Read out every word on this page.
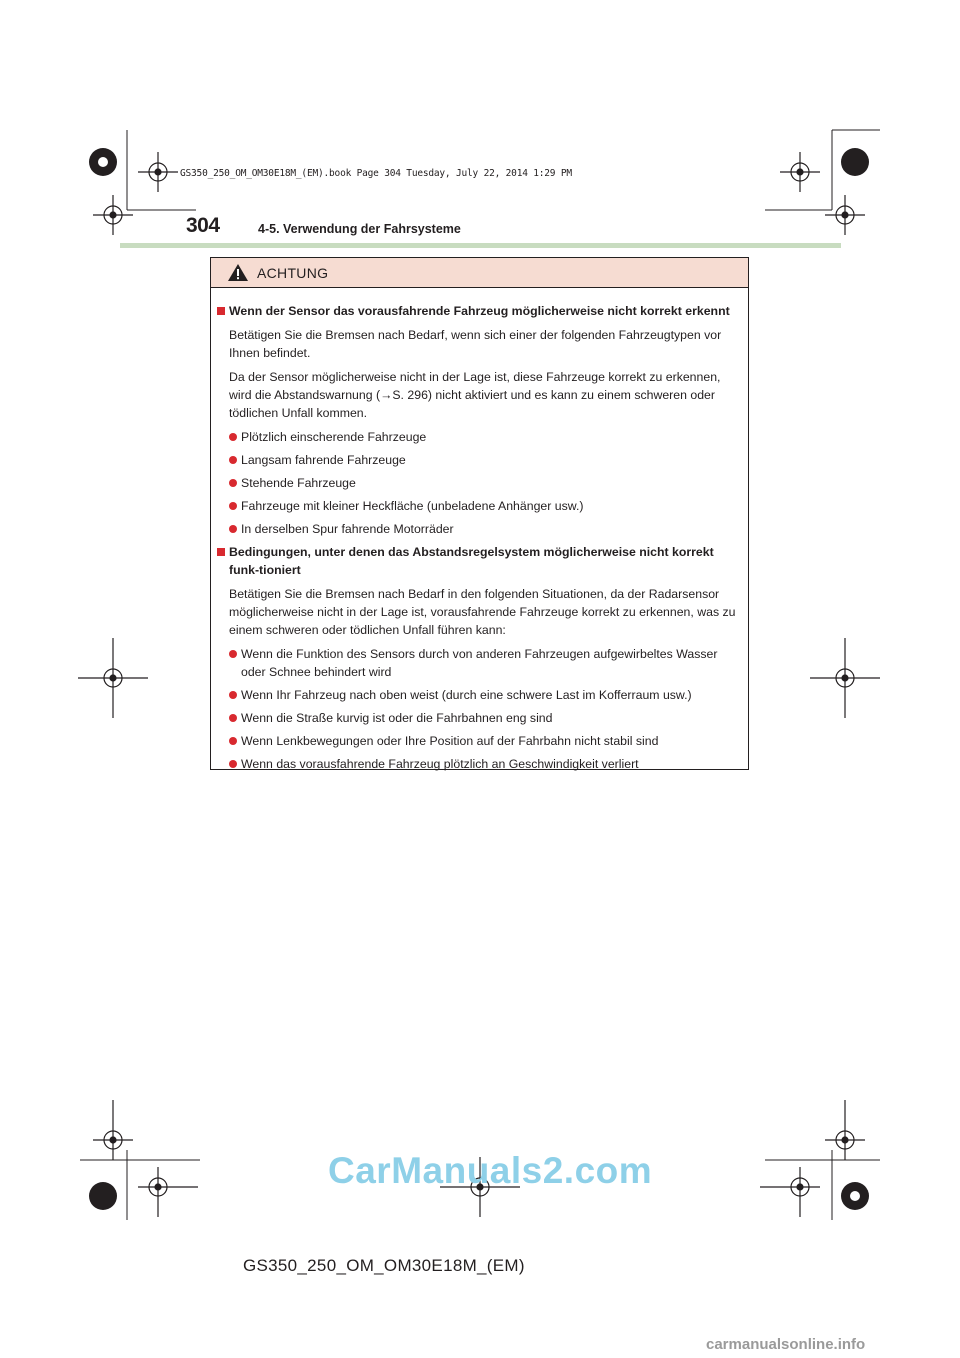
GS350_250_OM_OM30E18M_(EM).book Page 304 Tuesday, July 22, 2014 1:29 PM
304	4-5. Verwendung der Fahrsysteme
ACHTUNG
Wenn der Sensor das vorausfahrende Fahrzeug möglicherweise nicht korrekt erkennt
Betätigen Sie die Bremsen nach Bedarf, wenn sich einer der folgenden Fahrzeugtypen vor Ihnen befindet.
Da der Sensor möglicherweise nicht in der Lage ist, diese Fahrzeuge korrekt zu erkennen, wird die Abstandswarnung (→S. 296) nicht aktiviert und es kann zu einem schweren oder tödlichen Unfall kommen.
Plötzlich einscherende Fahrzeuge
Langsam fahrende Fahrzeuge
Stehende Fahrzeuge
Fahrzeuge mit kleiner Heckfläche (unbeladene Anhänger usw.)
In derselben Spur fahrende Motorräder
Bedingungen, unter denen das Abstandsregelsystem möglicherweise nicht korrekt funk-tioniert
Betätigen Sie die Bremsen nach Bedarf in den folgenden Situationen, da der Radarsensor möglicherweise nicht in der Lage ist, vorausfahrende Fahrzeuge korrekt zu erkennen, was zu einem schweren oder tödlichen Unfall führen kann:
Wenn die Funktion des Sensors durch von anderen Fahrzeugen aufgewirbeltes Wasser oder Schnee behindert wird
Wenn Ihr Fahrzeug nach oben weist (durch eine schwere Last im Kofferraum usw.)
Wenn die Straße kurvig ist oder die Fahrbahnen eng sind
Wenn Lenkbewegungen oder Ihre Position auf der Fahrbahn nicht stabil sind
Wenn das vorausfahrende Fahrzeug plötzlich an Geschwindigkeit verliert
CarManuals2.com
GS350_250_OM_OM30E18M_(EM)
carmanualsonline.info
